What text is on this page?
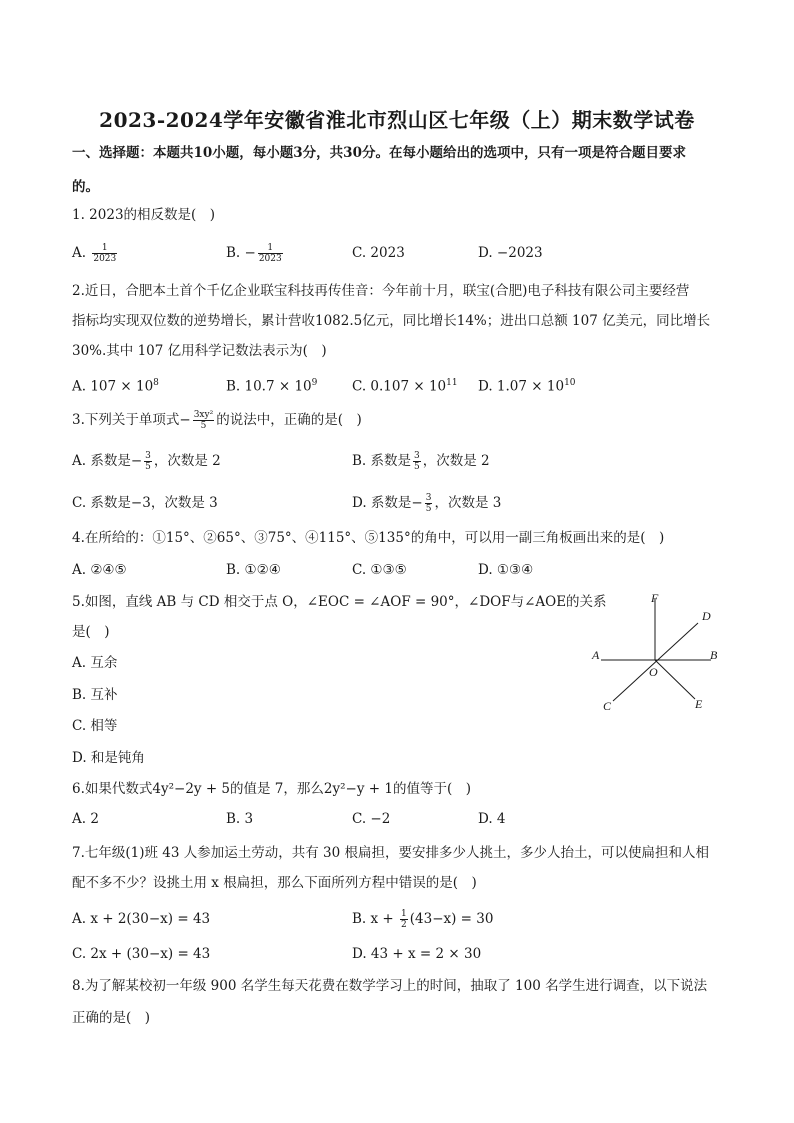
2023-2024学年安徽省淮北市烈山区七年级（上）期末数学试卷
一、选择题：本题共10小题，每小题3分，共30分。在每小题给出的选项中，只有一项是符合题目要求
的。
1. 2023的相反数是(　)
A. $\frac{1}{2023}$	B. − $\frac{1}{2023}$	C. 2023	D. −2023
2.近日，合肥本土首个千亿企业联宝科技再传佳音：今年前十月，联宝(合肥)电子科技有限公司主要经营
指标均实现双位数的逆势增长，累计营收1082.5亿元，同比增长14%；进出口总额 107 亿美元，同比增长
30%.其中 107 亿用科学记数法表示为(　)
A. $107 \times 10^8$	B. $10.7 \times 10^9$	C. $0.107 \times 10^{11}$ D. $1.07 \times 10^{10}$
3.下列关于单项式− $\frac{\text{3xy²}}{5}$ 的说法中，正确的是(　)
A. 系数是− $\frac{3}{5}$ ，次数是 2	B. 系数是 $\frac{3}{5}$ ，次数是 2
C. 系数是−3，次数是 3	D. 系数是− $\frac{3}{5}$ ，次数是 3
4.在所给的：①15°、②65°、③75°、④115°、⑤135°的角中，可以用一副三角板画出来的是(　)
A. ②④⑤	B. ①②④	C. ①③⑤	D. ①③④
5.如图，直线 AB 与 CD 相交于点 O，∠EOC = ∠AOF = 90°，∠DOF与∠AOE的关系
是(　)
A. 互余
B. 互补
C. 相等
D. 和是钝角
F
D
A	B
O
C	E
6.如果代数式4y²−2y + 5的值是 7，那么2y²−y + 1的值等于(　)
A. 2	B. 3	C. −2	D. 4
7.七年级(1)班 43 人参加运土劳动，共有 30 根扁担，要安排多少人挑土，多少人抬土，可以使扁担和人相
配不多不少？设挑土用 x 根扁担，那么下面所列方程中错误的是(　)
A. x + 2(30−x) = 43	B. $x + \frac{1}{2} (43-x) = 30$
C. 2x + (30−x) = 43	D. 43 + x = 2 × 30
8.为了解某校初一年级 900 名学生每天花费在数学学习上的时间，抽取了 100 名学生进行调查，以下说法
正确的是(　)
